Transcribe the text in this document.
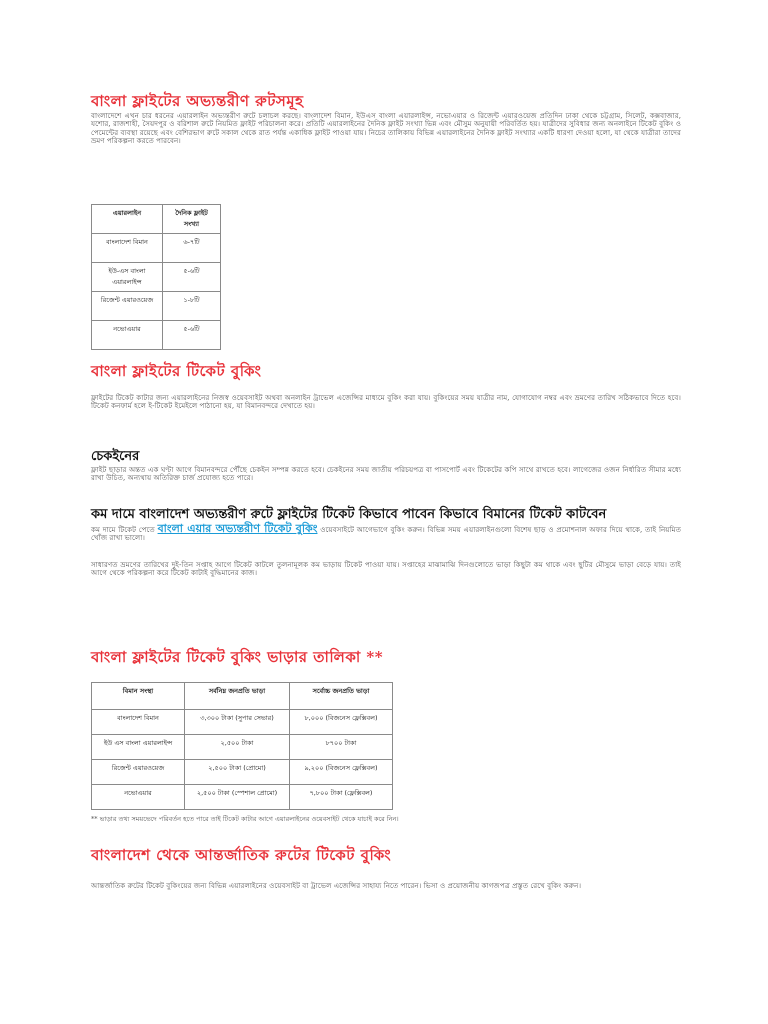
বাংলা ফ্লাইটের অভ্যন্তরীণ রুটসমূহ

বাংলাদেশে এখন চার ধরনের এয়ারলাইন অভ্যন্তরীণ রুটে চলাচল করছে। বাংলাদেশ বিমান, ইউএস বাংলা এয়ারলাইন্স, নভোএয়ার ও রিজেন্ট এয়ারওয়েজ প্রতিদিন ঢাকা থেকে চট্টগ্রাম, সিলেট, কক্সবাজার, যশোর, রাজশাহী, সৈয়দপুর ও বরিশাল রুটে নিয়মিত ফ্লাইট পরিচালনা করে। প্রতিটি এয়ারলাইনের দৈনিক ফ্লাইট সংখ্যা ভিন্ন এবং মৌসুম অনুযায়ী পরিবর্তিত হয়। যাত্রীদের সুবিধার জন্য অনলাইনে টিকেট বুকিং ও পেমেন্টের ব্যবস্থা রয়েছে এবং বেশিরভাগ রুটে সকাল থেকে রাত পর্যন্ত একাধিক ফ্লাইট পাওয়া যায়। নিচের তালিকায় বিভিন্ন এয়ারলাইনের দৈনিক ফ্লাইট সংখ্যার একটি ধারণা দেওয়া হলো, যা থেকে যাত্রীরা তাদের ভ্রমণ পরিকল্পনা করতে পারবেন।

এয়ারলাইন	দৈনিক ফ্লাইট সংখ্যা
বাংলাদেশ বিমান	৬-৭টি
ইউ-এস বাংলা এয়ারলাইন্স	৫-৬টি
রিজেন্ট এয়ারওয়েজ	১-৮টি
নভোএয়ার	৫-৬টি
বাংলা ফ্লাইটের টিকেট বুকিং

ফ্লাইটের টিকেট কাটার জন্য এয়ারলাইনের নিজস্ব ওয়েবসাইট অথবা অনলাইন ট্রাভেল এজেন্সির মাধ্যমে বুকিং করা যায়। বুকিংয়ের সময় যাত্রীর নাম, যোগাযোগ নম্বর এবং ভ্রমণের তারিখ সঠিকভাবে দিতে হবে। টিকেট কনফার্ম হলে ই-টিকেট ইমেইলে পাঠানো হয়, যা বিমানবন্দরে দেখাতে হয়।

চেকইনের

ফ্লাইট ছাড়ার অন্তত এক ঘণ্টা আগে বিমানবন্দরে পৌঁছে চেকইন সম্পন্ন করতে হবে। চেকইনের সময় জাতীয় পরিচয়পত্র বা পাসপোর্ট এবং টিকেটের কপি সাথে রাখতে হবে। লাগেজের ওজন নির্ধারিত সীমার মধ্যে রাখা উচিত, অন্যথায় অতিরিক্ত চার্জ প্রযোজ্য হতে পারে।

কম দামে বাংলাদেশ অভ্যন্তরীণ রুটে ফ্লাইটের টিকেট কিভাবে পাবেন কিভাবে বিমানের টিকেট কাটবেন

কম দামে টিকেট পেতে বাংলা এয়ার অভ্যন্তরীণ টিকেট বুকিং ওয়েবসাইটে আগেভাগে বুকিং করুন। বিভিন্ন সময় এয়ারলাইনগুলো বিশেষ ছাড় ও প্রমোশনাল অফার দিয়ে থাকে, তাই নিয়মিত খোঁজ রাখা ভালো।

সাধারণত ভ্রমণের তারিখের দুই-তিন সপ্তাহ আগে টিকেট কাটলে তুলনামূলক কম ভাড়ায় টিকেট পাওয়া যায়। সপ্তাহের মাঝামাঝি দিনগুলোতে ভাড়া কিছুটা কম থাকে এবং ছুটির মৌসুমে ভাড়া বেড়ে যায়। তাই আগে থেকে পরিকল্পনা করে টিকেট কাটাই বুদ্ধিমানের কাজ।

বাংলা ফ্লাইটের টিকেট বুকিং ভাড়ার তালিকা **
বিমান সংস্থা	সর্বনিম্ন জনপ্রতি ভাড়া	সর্বোচ্চ জনপ্রতি ভাড়া
বাংলাদেশ বিমান	৩,৩০০ টাকা (সুপার সেভার)	৮,০০০ (বিজনেস ফ্লেক্সিবল)
ইউ এস বাংলা এয়ারলাইন্স	২,৫০০ টাকা	৮৭০০ টাকা
রিজেন্ট এয়ারওয়েজ	২,৫০০ টাকা (প্রোমো)	৯,২০০ (বিজনেস ফ্লেক্সিবল)
নভোএয়ার	২,৫০০ টাকা (স্পেশাল প্রোমো)	৭,৮০০ টাকা (ফ্লেক্সিবল)
** ভাড়ার তথ্য সময়ভেদে পরিবর্তন হতে পারে তাই টিকেট কাটার আগে এয়ারলাইনের ওয়েবসাইট থেকে যাচাই করে নিন।
বাংলাদেশ থেকে আন্তর্জাতিক রুটের টিকেট বুকিং

আন্তর্জাতিক রুটের টিকেট বুকিংয়ের জন্য বিভিন্ন এয়ারলাইনের ওয়েবসাইট বা ট্রাভেল এজেন্সির সাহায্য নিতে পারেন। ভিসা ও প্রয়োজনীয় কাগজপত্র প্রস্তুত রেখে বুকিং করুন।
